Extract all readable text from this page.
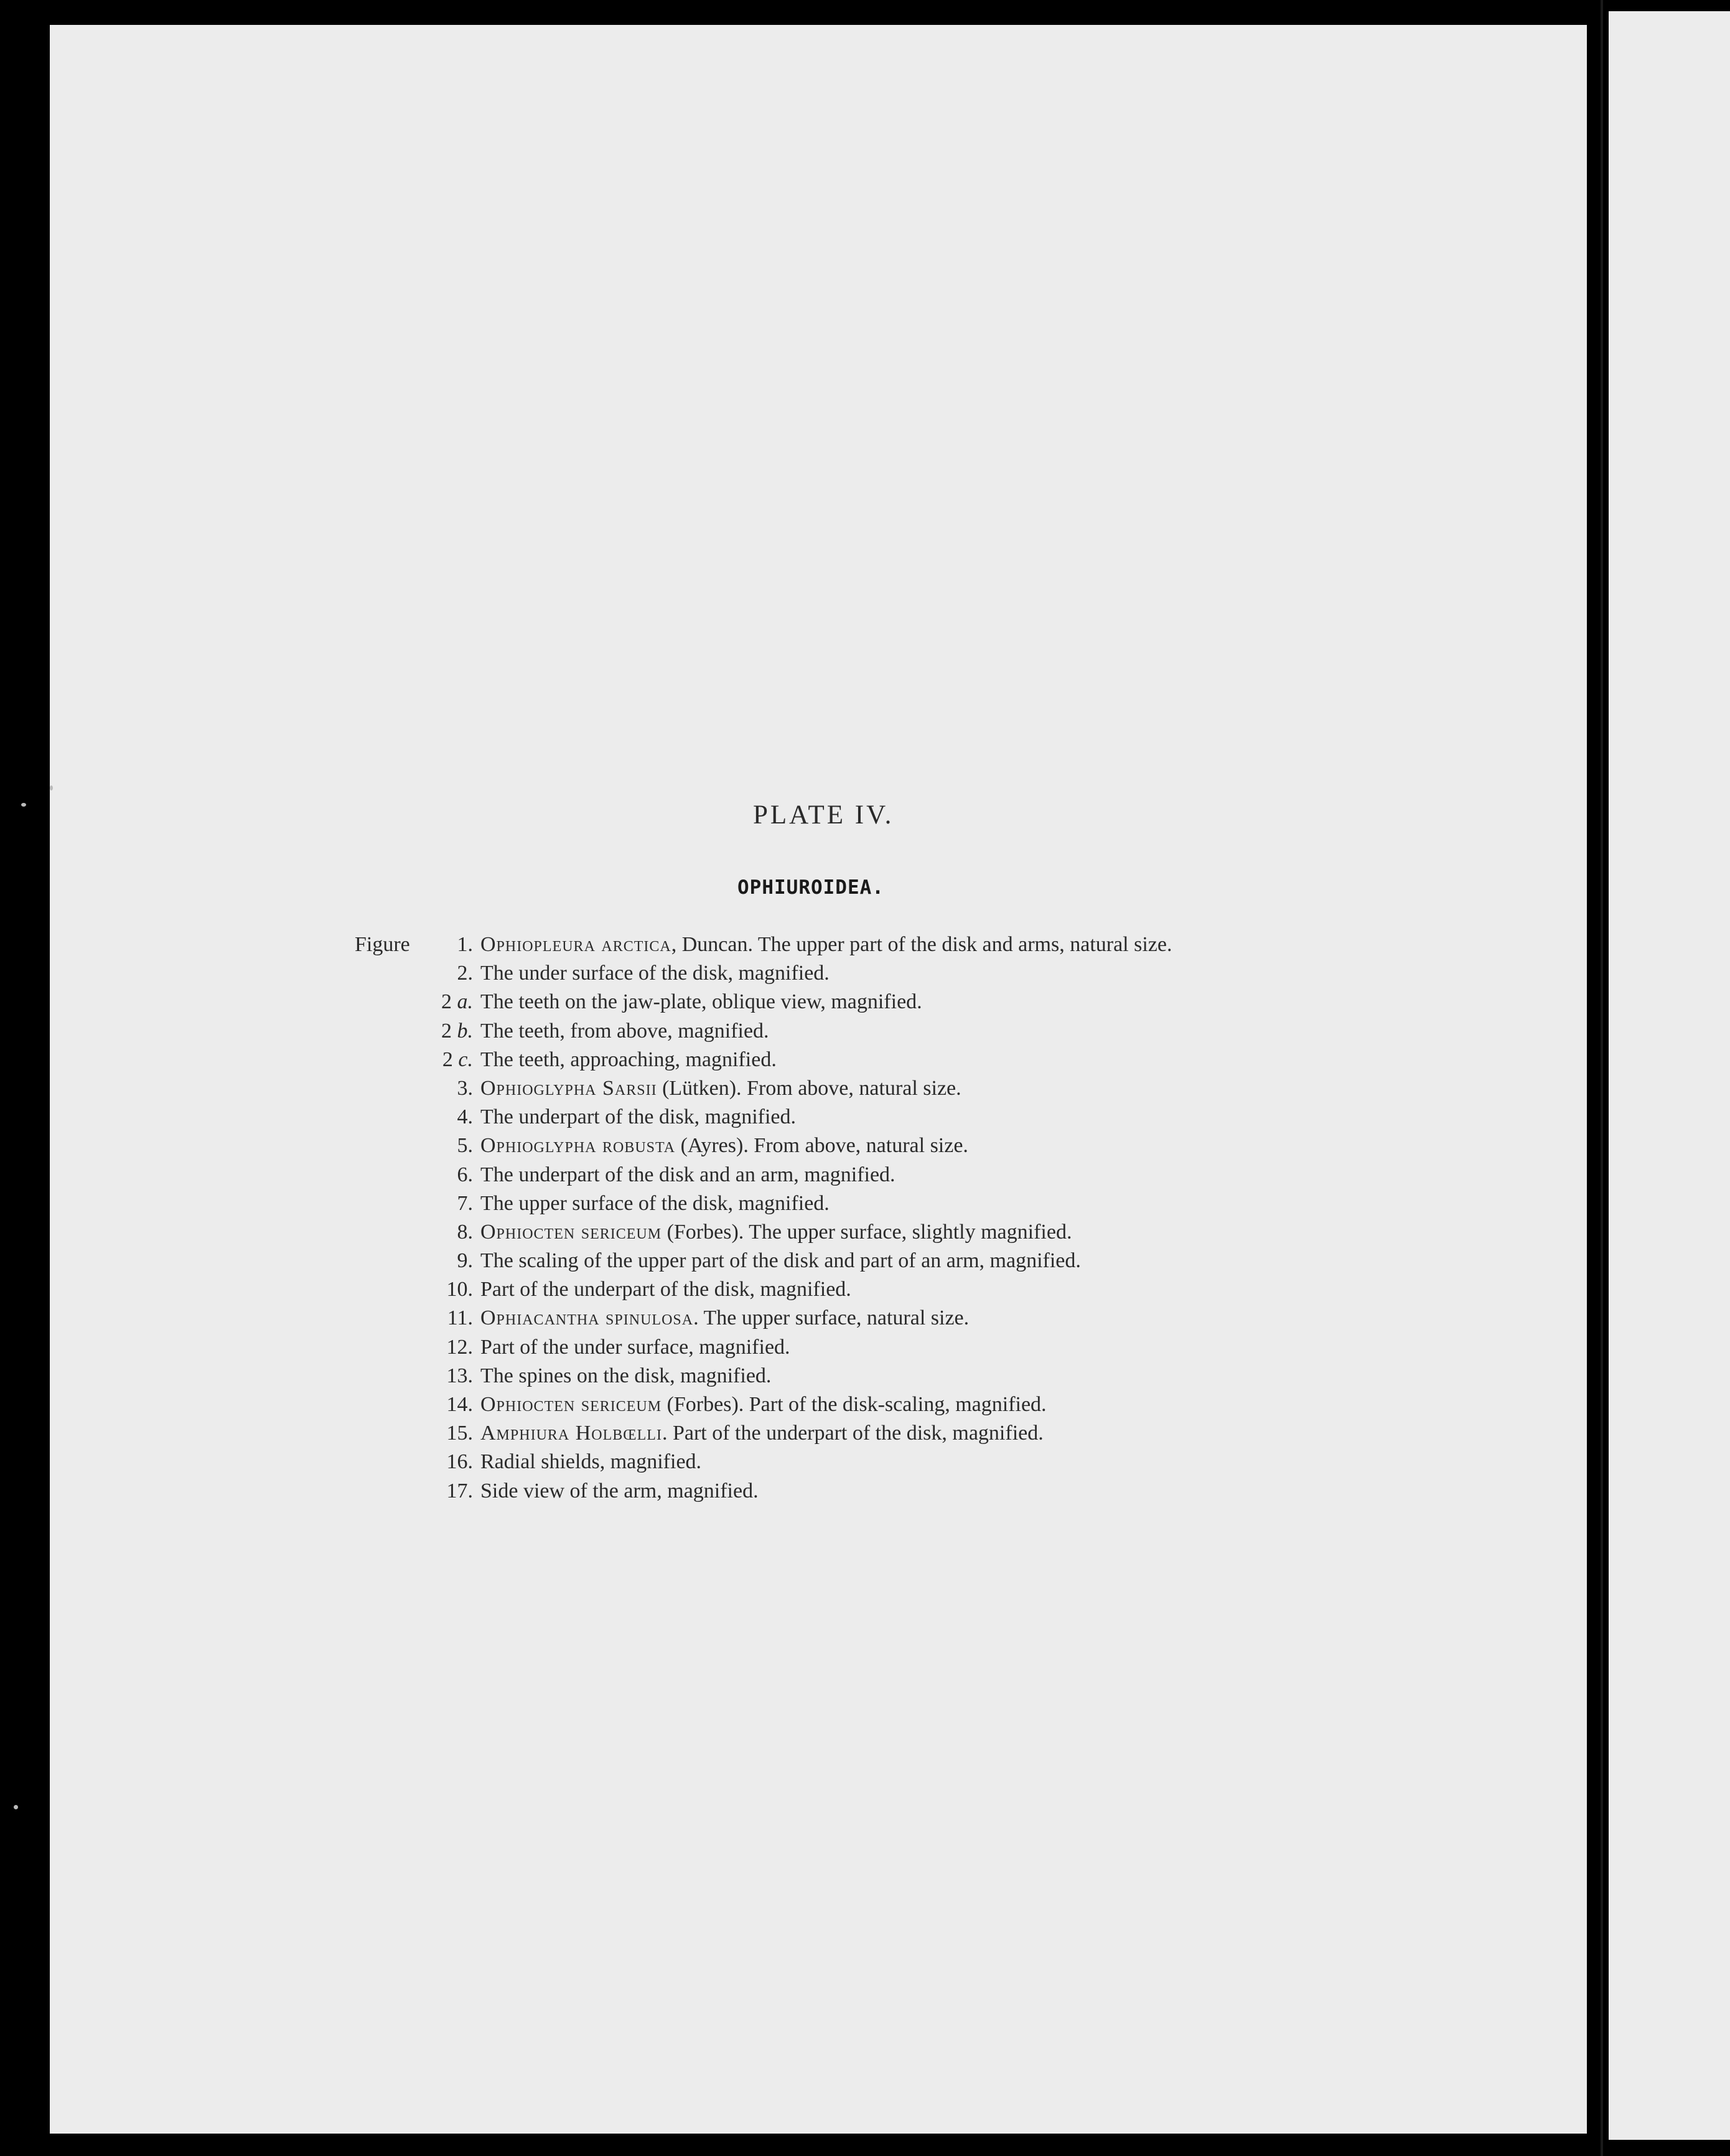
PLATE IV.
OPHIUROIDEA.
Figure 1. Ophiopleura arctica, Duncan. The upper part of the disk and arms, natural size.
2. The under surface of the disk, magnified.
2 a. The teeth on the jaw-plate, oblique view, magnified.
2 b. The teeth, from above, magnified.
2 c. The teeth, approaching, magnified.
3. Ophioglypha Sarsii (Lütken). From above, natural size.
4. The underpart of the disk, magnified.
5. Ophioglypha robusta (Ayres). From above, natural size.
6. The underpart of the disk and an arm, magnified.
7. The upper surface of the disk, magnified.
8. Ophiocten sericeum (Forbes). The upper surface, slightly magnified.
9. The scaling of the upper part of the disk and part of an arm, magnified.
10. Part of the underpart of the disk, magnified.
11. Ophiacantha spinulosa. The upper surface, natural size.
12. Part of the under surface, magnified.
13. The spines on the disk, magnified.
14. Ophiocten sericeum (Forbes). Part of the disk-scaling, magnified.
15. Amphiura Holbœlli. Part of the underpart of the disk, magnified.
16. Radial shields, magnified.
17. Side view of the arm, magnified.
